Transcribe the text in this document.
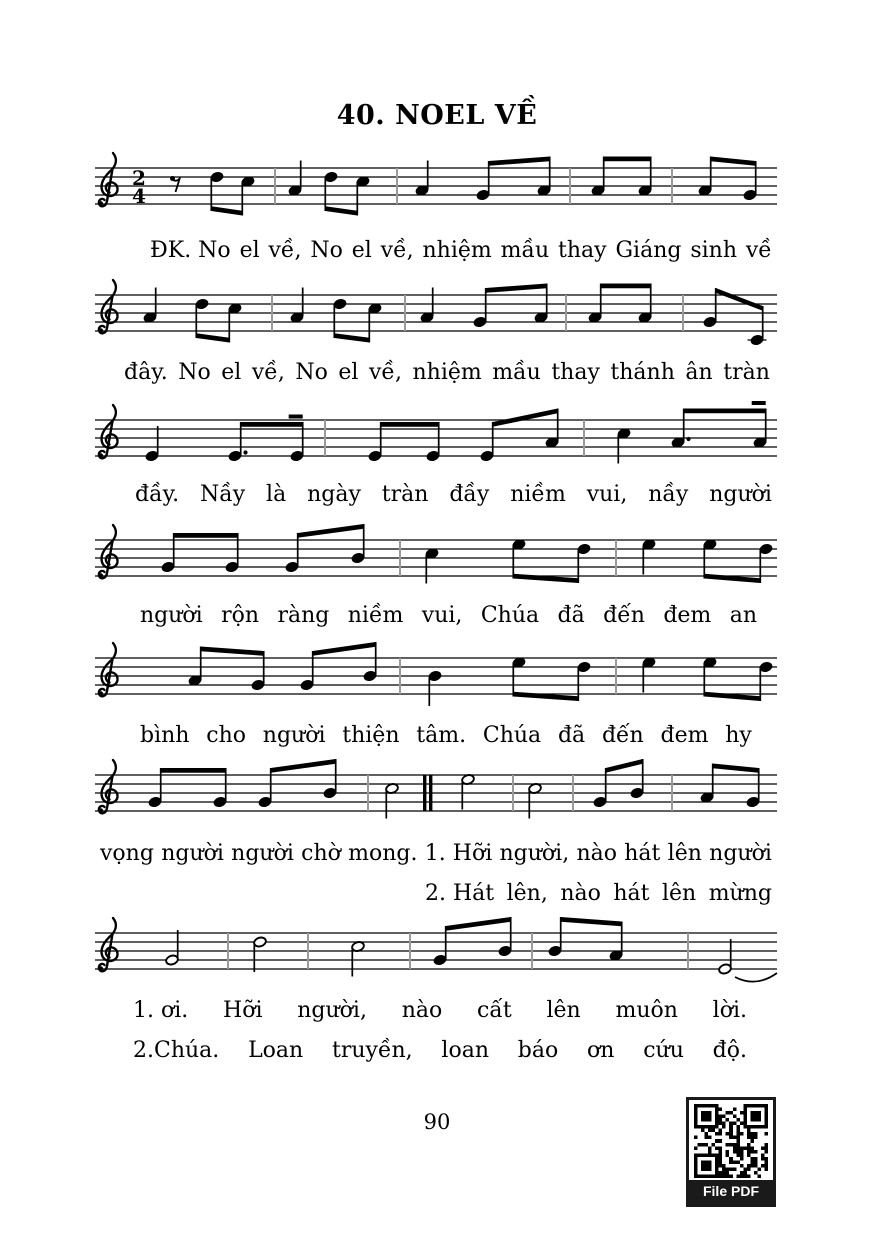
40. NOEL VỀ
2
4
ĐK. No el về, No el về, nhiệm mầu thay Giáng sinh về
đây. No el về, No el về, nhiệm mầu thay thánh ân tràn
đầy. Nầy là ngày tràn đầy niềm vui, nầy người
người rộn ràng niềm vui, Chúa đã đến đem an
bình cho người thiện tâm. Chúa đã đến đem hy
vọng người người chờ mong. 1. Hỡi người, nào hát lên người
2. Hát lên, nào hát lên mừng
1. ơi. Hỡi người, nào cất lên muôn lời.
2.Chúa. Loan truyền, loan báo ơn cứu độ.
90
File PDF
